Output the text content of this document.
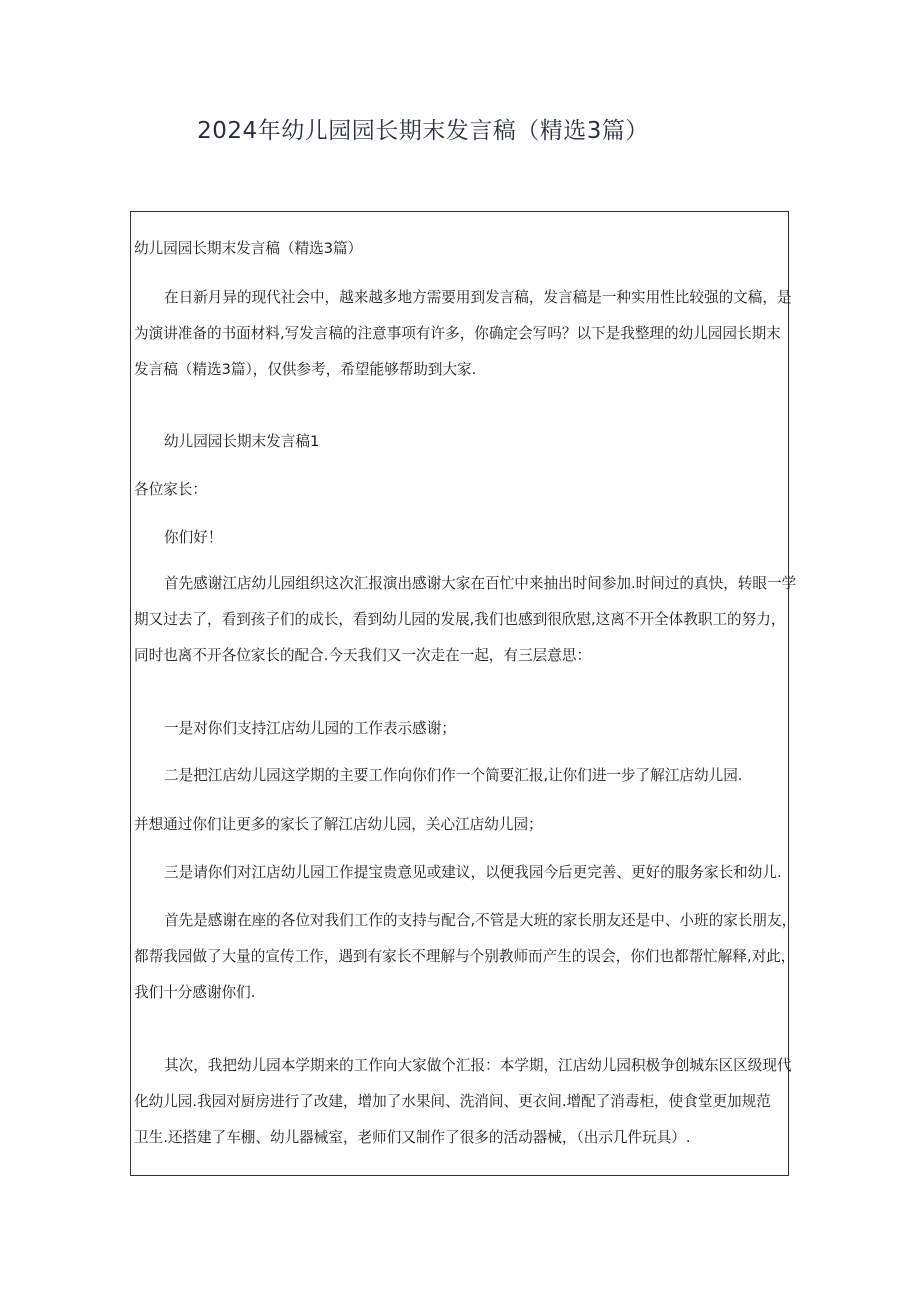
2024年幼儿园园长期末发言稿（精选3篇）
幼儿园园长期末发言稿（精选3篇）
在日新月异的现代社会中，越来越多地方需要用到发言稿，发言稿是一种实用性比较强的文稿，是
为演讲准备的书面材料,写发言稿的注意事项有许多，你确定会写吗？以下是我整理的幼儿园园长期末
发言稿（精选3篇），仅供参考，希望能够帮助到大家.
幼儿园园长期末发言稿1
各位家长：
你们好！
首先感谢江店幼儿园组织这次汇报演出感谢大家在百忙中来抽出时间参加.时间过的真快，转眼一学
期又过去了，看到孩子们的成长，看到幼儿园的发展,我们也感到很欣慰,这离不开全体教职工的努力，
同时也离不开各位家长的配合.今天我们又一次走在一起，有三层意思：
一是对你们支持江店幼儿园的工作表示感谢；
二是把江店幼儿园这学期的主要工作向你们作一个简要汇报,让你们进一步了解江店幼儿园.
并想通过你们让更多的家长了解江店幼儿园，关心江店幼儿园；
三是请你们对江店幼儿园工作提宝贵意见或建议，以便我园今后更完善、更好的服务家长和幼儿.
首先是感谢在座的各位对我们工作的支持与配合,不管是大班的家长朋友还是中、小班的家长朋友，
都帮我园做了大量的宣传工作，遇到有家长不理解与个别教师而产生的误会，你们也都帮忙解释,对此，
我们十分感谢你们.
其次，我把幼儿园本学期来的工作向大家做个汇报：本学期，江店幼儿园积极争创城东区区级现代
化幼儿园.我园对厨房进行了改建，增加了水果间、洗消间、更衣间.增配了消毒柜，使食堂更加规范
卫生.还搭建了车棚、幼儿器械室，老师们又制作了很多的活动器械，（出示几件玩具）.
